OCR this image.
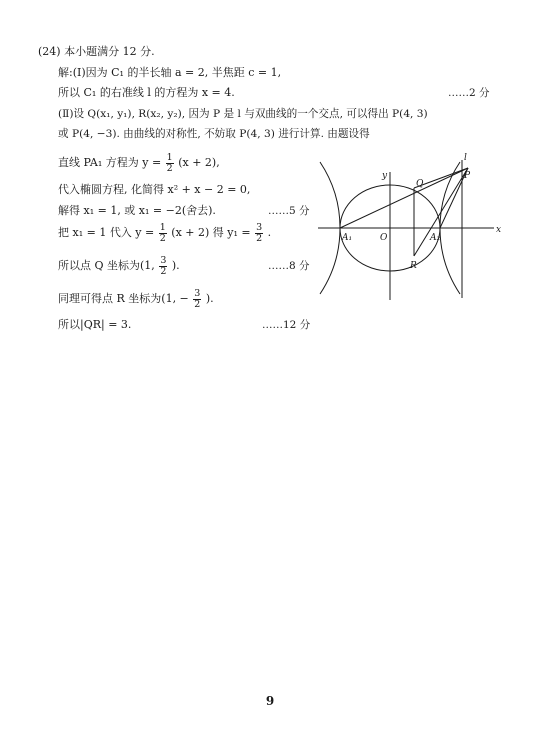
(24) 本小题满分 12 分.
解:(Ⅰ)因为 C₁ 的半长轴 a = 2, 半焦距 c = 1,
所以 C₁ 的右准线 l 的方程为 x = 4.	……2 分
(Ⅱ)设 Q(x₁, y₁), R(x₂, y₂), 因为 P 是 l 与双曲线的一个交点, 可以得出 P(4, 3)
或 P(4, −3). 由曲线的对称性, 不妨取 P(4, 3) 进行计算. 由题设得
直线 PA₁ 方程为 $y = \frac{1}{2} (x + 2)$,
代入椭圆方程, 化简得 x² + x − 2 = 0,
解得 x₁ = 1, 或 x₁ = −2(舍去).	……5 分
把 x₁ = 1 代入 $y = \frac{1}{2} (x + 2)$ 得 $y_1 = \frac{3}{2}$ .
所以点 Q 坐标为(1, $\frac{3}{2}$ ).	……8 分
同理可得点 R 坐标为(1, − $\frac{3}{2}$ ).
所以|QR| = 3.	……12 分
y
x
O
A₁	A₂
P
Q
R
l
9
